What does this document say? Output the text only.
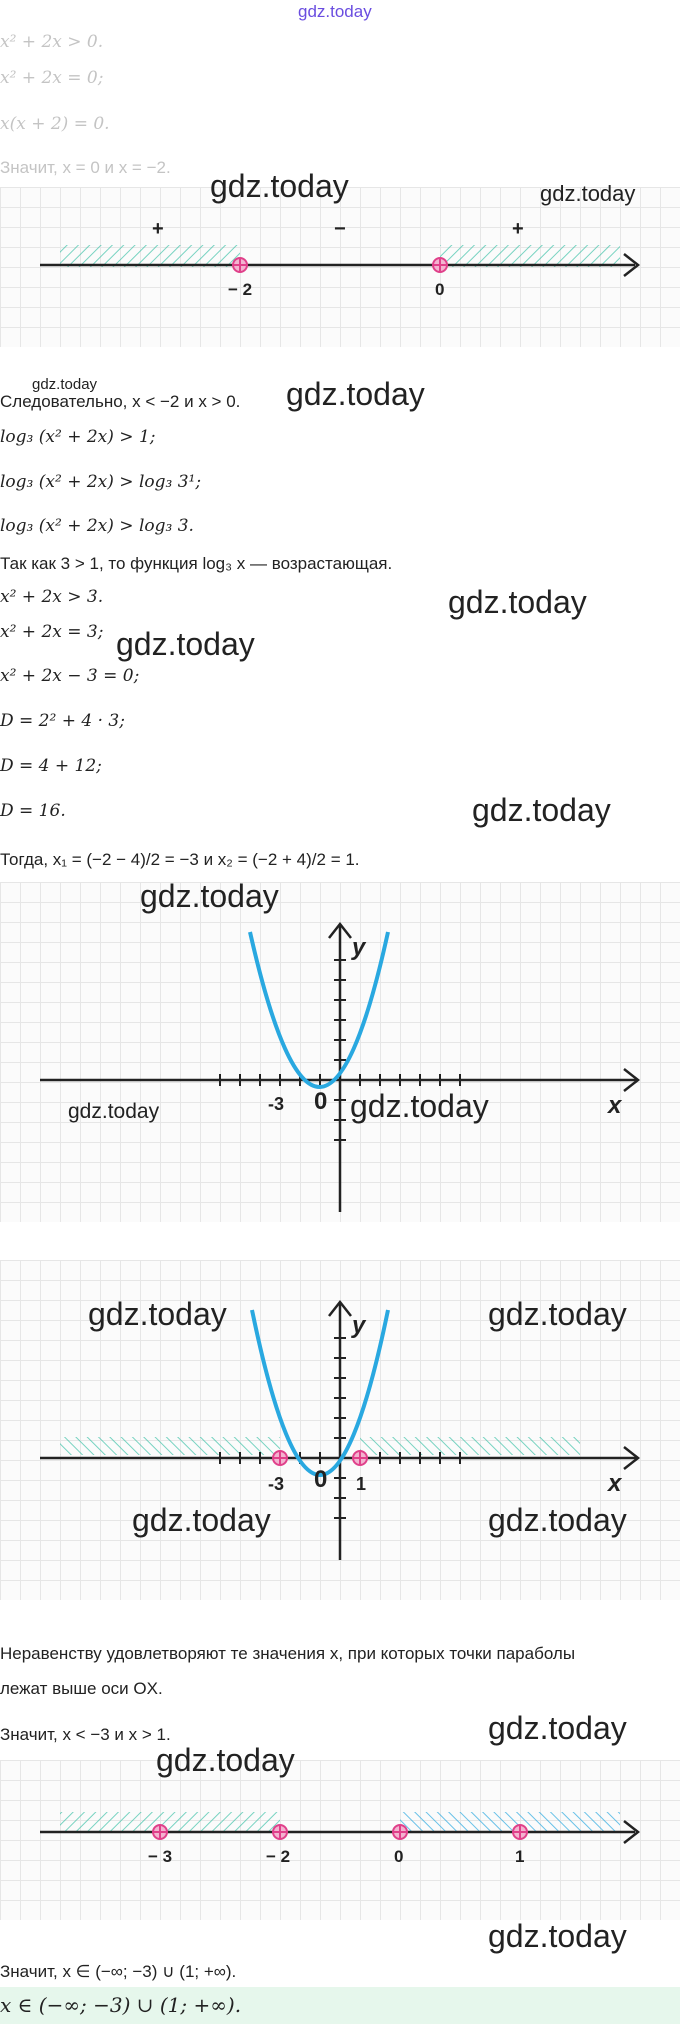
gdz.today
x² + 2x > 0.
x² + 2x = 0;
x(x + 2) = 0.
Значит, x = 0 и x = −2.
+	−	+
− 2	0
gdz.today	gdz.today
gdz.today
Следовательно, x < −2 и x > 0. gdz.today
log₃ (x² + 2x) > 1;
log₃ (x² + 2x) > log₃ 3¹;
log₃ (x² + 2x) > log₃ 3.
Так как 3 > 1, то функция log₃ x — возрастающая.
x² + 2x > 3.	gdz.today
x² + 2x = 3; gdz.today
x² + 2x − 3 = 0;
D = 2² + 4 · 3;
D = 4 + 12;
D = 16.	gdz.today
Тогда, x₁ = (−2 − 4)/2 = −3 и x₂ = (−2 + 4)/2 = 1.
gdz.today
y
x
-3 0
gdz.today	gdz.today
gdz.today	gdz.today
y
x
-3 0 1
gdz.today	gdz.today
Неравенству удовлетворяют те значения x, при которых точки параболы
лежат выше оси OX.
Значит, x < −3 и x > 1.	gdz.today
gdz.today
− 3	− 2	0	1
gdz.today
Значит, x ∈ (−∞; −3) ∪ (1; +∞).
x ∈ (−∞; −3) ∪ (1; +∞).
